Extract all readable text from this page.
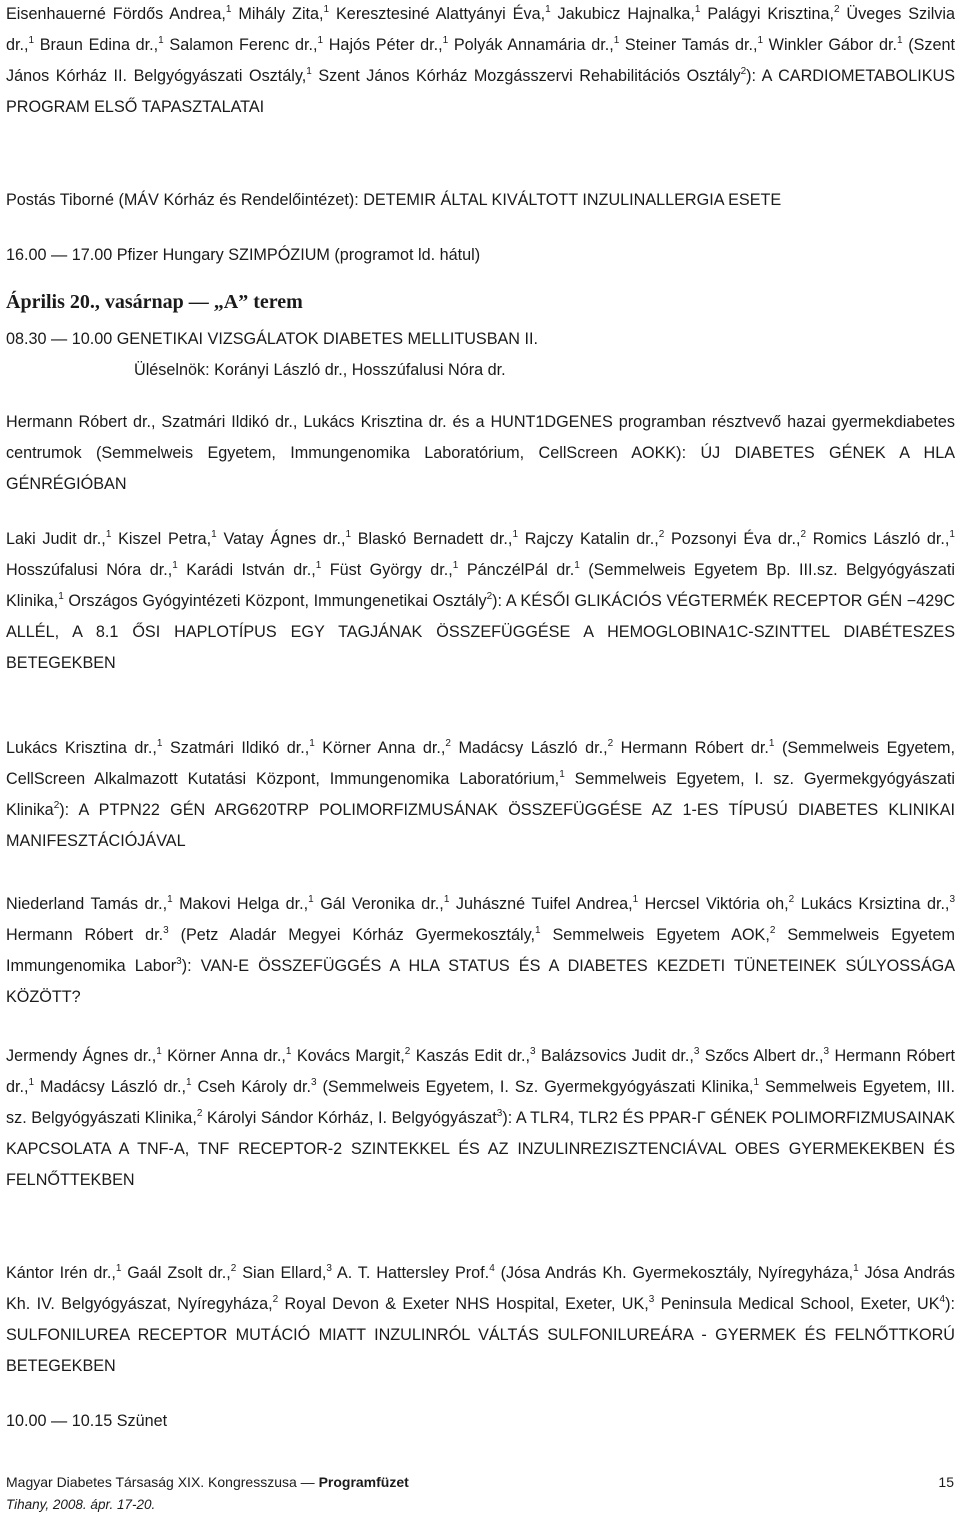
Eisenhauerné Fördős Andrea,$^1$ Mihály Zita,$^1$ Keresztesiné Alattyányi Éva,$^1$ Jakubicz Hajnalka,$^1$ Palágyi Krisztina,$^2$ Üveges Szilvia dr.,$^1$ Braun Edina dr.,$^1$ Salamon Ferenc dr.,$^1$ Hajós Péter dr.,$^1$ Polyák Annamária dr.,$^1$ Steiner Tamás dr.,$^1$ Winkler Gábor dr.$^1$ (Szent János Kórház II. Belgyógyászati Osztály,$^1$ Szent János Kórház Mozgásszervi Rehabilitációs Osztály$^2$): A CARDIOMETABOLIKUS PROGRAM ELSŐ TAPASZTALATAI

Postás Tiborné (MÁV Kórház és Rendelőintézet): DETEMIR ÁLTAL KIVÁLTOTT INZULINALLERGIA ESETE

16.00 — 17.00 Pfizer Hungary SZIMPÓZIUM (programot ld. hátul)
Április 20., vasárnap — „A” terem
08.30 — 10.00 GENETIKAI VIZSGÁLATOK DIABETES MELLITUSBAN II.
Üléselnök: Korányi László dr., Hosszúfalusi Nóra dr.

Hermann Róbert dr., Szatmári Ildikó dr., Lukács Krisztina dr. és a HUNT1DGENES programban résztvevő hazai gyermekdiabetes centrumok (Semmelweis Egyetem, Immungenomika Laboratórium, CellScreen AOKK): ÚJ DIABETES GÉNEK A HLA GÉNRÉGIÓBAN

Laki Judit dr.,$^1$ Kiszel Petra,$^1$ Vatay Ágnes dr.,$^1$ Blaskó Bernadett dr.,$^1$ Rajczy Katalin dr.,$^2$ Pozsonyi Éva dr.,$^2$ Romics László dr.,$^1$ Hosszúfalusi Nóra dr.,$^1$ Karádi István dr.,$^1$ Füst György dr.,$^1$ PánczélPál dr.$^1$ (Semmelweis Egyetem Bp. III.sz. Belgyógyászati Klinika,$^1$ Országos Gyógyintézeti Központ, Immungenetikai Osztály$^2$): A KÉSŐI GLIKÁCIÓS VÉGTERMÉK RECEPTOR GÉN −429C ALLÉL, A 8.1 ŐSI HAPLOTÍPUS EGY TAGJÁNAK ÖSSZEFÜGGÉSE A HEMOGLOBINA1C-SZINTTEL DIABÉTESZES BETEGEKBEN

Lukács Krisztina dr.,$^1$ Szatmári Ildikó dr.,$^1$ Körner Anna dr.,$^2$ Madácsy László dr.,$^2$ Hermann Róbert dr.$^1$ (Semmelweis Egyetem, CellScreen Alkalmazott Kutatási Központ, Immungenomika Laboratórium,$^1$ Semmelweis Egyetem, I. sz. Gyermekgyógyászati Klinika$^2$): A PTPN22 GÉN ARG620TRP POLIMORFIZMUSÁNAK ÖSSZEFÜGGÉSE AZ 1-ES TÍPUSÚ DIABETES KLINIKAI MANIFESZTÁCIÓJÁVAL

Niederland Tamás dr.,$^1$ Makovi Helga dr.,$^1$ Gál Veronika dr.,$^1$ Juhászné Tuifel Andrea,$^1$ Hercsel Viktória oh,$^2$ Lukács Krsiztina dr.,$^3$ Hermann Róbert dr.$^3$ (Petz Aladár Megyei Kórház Gyermekosztály,$^1$ Semmelweis Egyetem AOK,$^2$ Semmelweis Egyetem Immungenomika Labor$^3$): VAN-E ÖSSZEFÜGGÉS A HLA STATUS ÉS A DIABETES KEZDETI TÜNETEINEK SÚLYOSSÁGA KÖZÖTT?

Jermendy Ágnes dr.,$^1$ Körner Anna dr.,$^1$ Kovács Margit,$^2$ Kaszás Edit dr.,$^3$ Balázsovics Judit dr.,$^3$ Szőcs Albert dr.,$^3$ Hermann Róbert dr.,$^1$ Madácsy László dr.,$^1$ Cseh Károly dr.$^3$ (Semmelweis Egyetem, I. Sz. Gyermekgyógyászati Klinika,$^1$ Semmelweis Egyetem, III. sz. Belgyógyászati Klinika,$^2$ Károlyi Sándor Kórház, I. Belgyógyászat$^3$): A TLR4, TLR2 ÉS PPAR-Γ GÉNEK POLIMORFIZMUSAINAK KAPCSOLATA A TNF-A, TNF RECEPTOR-2 SZINTEKKEL ÉS AZ INZULINREZISZTENCIÁVAL OBES GYERMEKEKBEN ÉS FELNŐTTEKBEN

Kántor Irén dr.,$^1$ Gaál Zsolt dr.,$^2$ Sian Ellard,$^3$ A. T. Hattersley Prof.$^4$ (Jósa András Kh. Gyermekosztály, Nyíregyháza,$^1$ Jósa András Kh. IV. Belgyógyászat, Nyíregyháza,$^2$ Royal Devon & Exeter NHS Hospital, Exeter, UK,$^3$ Peninsula Medical School, Exeter, $UK^4$): SULFONILUREA RECEPTOR MUTÁCIÓ MIATT INZULINRÓL VÁLTÁS SULFONILUREÁRA - GYERMEK ÉS FELNŐTTKORÚ BETEGEKBEN

10.00 — 10.15 Szünet
Magyar Diabetes Társaság XIX. Kongresszusa — Programfüzet	15
Tihany, 2008. ápr. 17-20.
